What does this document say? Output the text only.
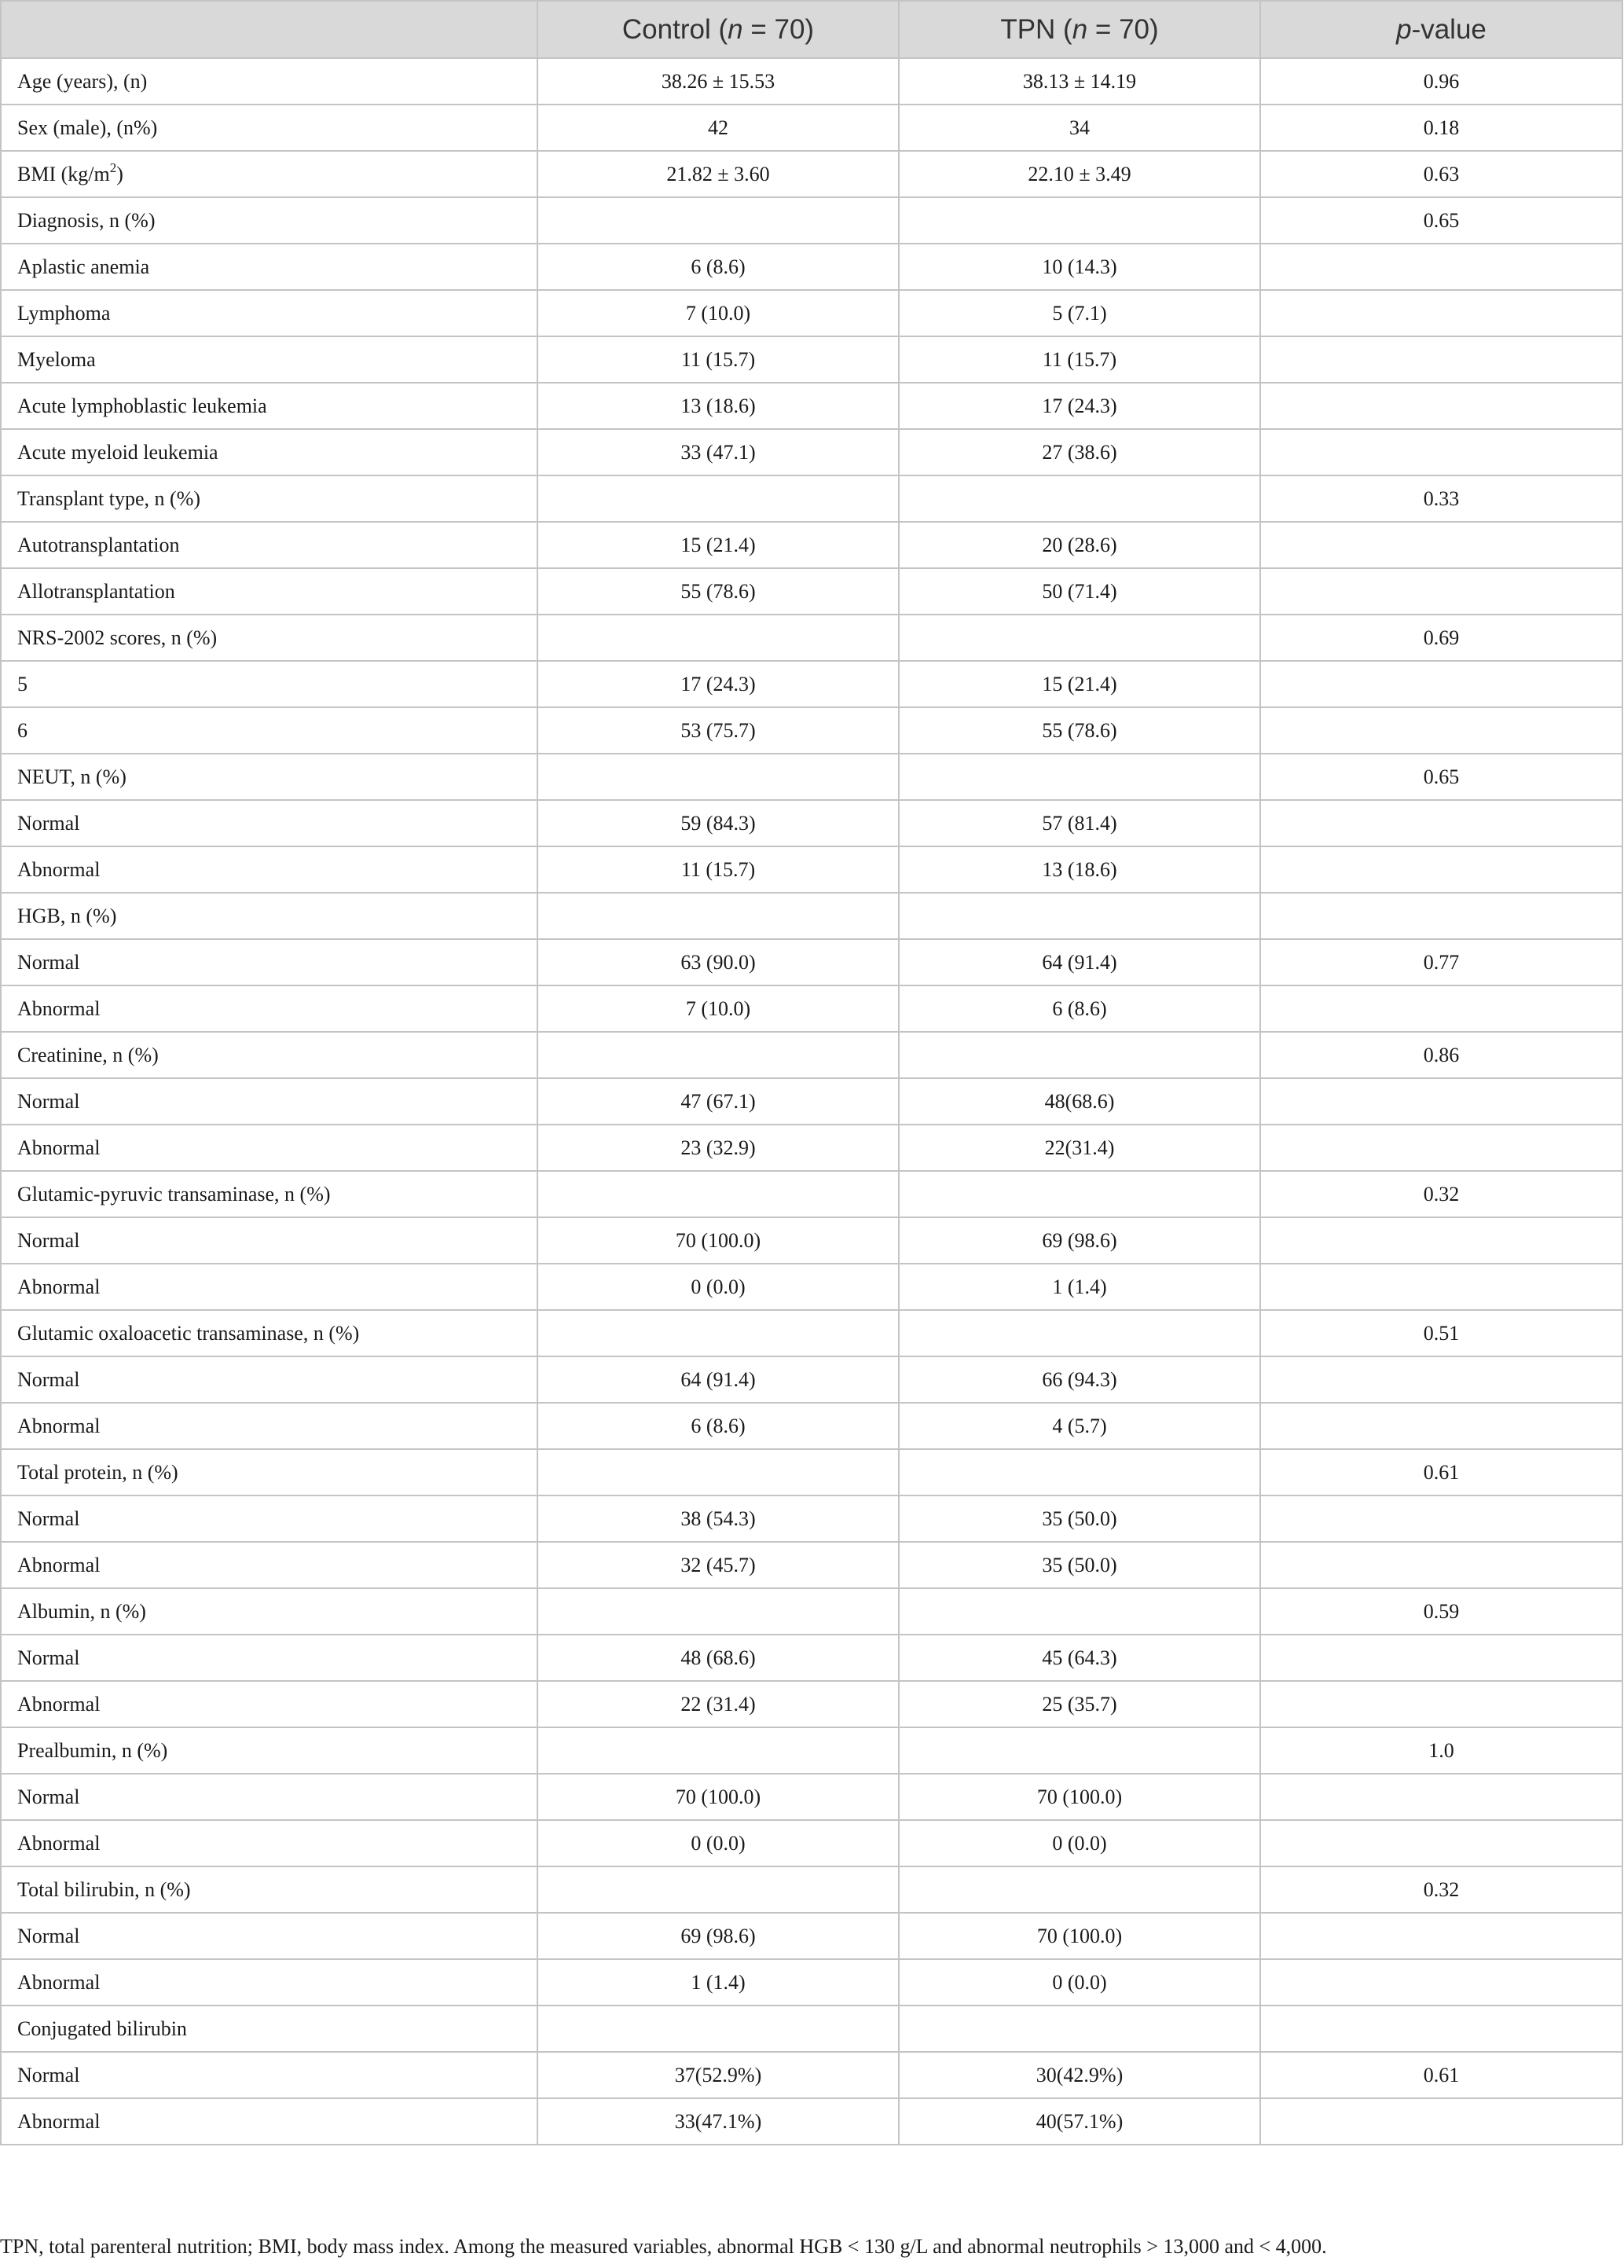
	Control (n = 70)	TPN (n = 70)	p-value
Age (years), (n)	38.26 ± 15.53	38.13 ± 14.19	0.96
Sex (male), (n%)	42	34	0.18
BMI $(kg/m^2)$	21.82 ± 3.60	22.10 ± 3.49	0.63
Diagnosis, n (%)			0.65
Aplastic anemia	6 (8.6)	10 (14.3)	
Lymphoma	7 (10.0)	5 (7.1)	
Myeloma	11 (15.7)	11 (15.7)	
Acute lymphoblastic leukemia	13 (18.6)	17 (24.3)	
Acute myeloid leukemia	33 (47.1)	27 (38.6)	
Transplant type, n (%)			0.33
Autotransplantation	15 (21.4)	20 (28.6)	
Allotransplantation	55 (78.6)	50 (71.4)	
NRS-2002 scores, n (%)			0.69
5	17 (24.3)	15 (21.4)	
6	53 (75.7)	55 (78.6)	
NEUT, n (%)			0.65
Normal	59 (84.3)	57 (81.4)	
Abnormal	11 (15.7)	13 (18.6)	
HGB, n (%)			
Normal	63 (90.0)	64 (91.4)	0.77
Abnormal	7 (10.0)	6 (8.6)	
Creatinine, n (%)			0.86
Normal	47 (67.1)	48(68.6)	
Abnormal	23 (32.9)	22(31.4)	
Glutamic-pyruvic transaminase, n (%)			0.32
Normal	70 (100.0)	69 (98.6)	
Abnormal	0 (0.0)	1 (1.4)	
Glutamic oxaloacetic transaminase, n (%)			0.51
Normal	64 (91.4)	66 (94.3)	
Abnormal	6 (8.6)	4 (5.7)	
Total protein, n (%)			0.61
Normal	38 (54.3)	35 (50.0)	
Abnormal	32 (45.7)	35 (50.0)	
Albumin, n (%)			0.59
Normal	48 (68.6)	45 (64.3)	
Abnormal	22 (31.4)	25 (35.7)	
Prealbumin, n (%)			1.0
Normal	70 (100.0)	70 (100.0)	
Abnormal	0 (0.0)	0 (0.0)	
Total bilirubin, n (%)			0.32
Normal	69 (98.6)	70 (100.0)	
Abnormal	1 (1.4)	0 (0.0)	
Conjugated bilirubin			
Normal	37(52.9%)	30(42.9%)	0.61
Abnormal	33(47.1%)	40(57.1%)	
TPN, total parenteral nutrition; BMI, body mass index. Among the measured variables, abnormal HGB < 130 g/L and abnormal neutrophils > 13,000 and < 4,000.
